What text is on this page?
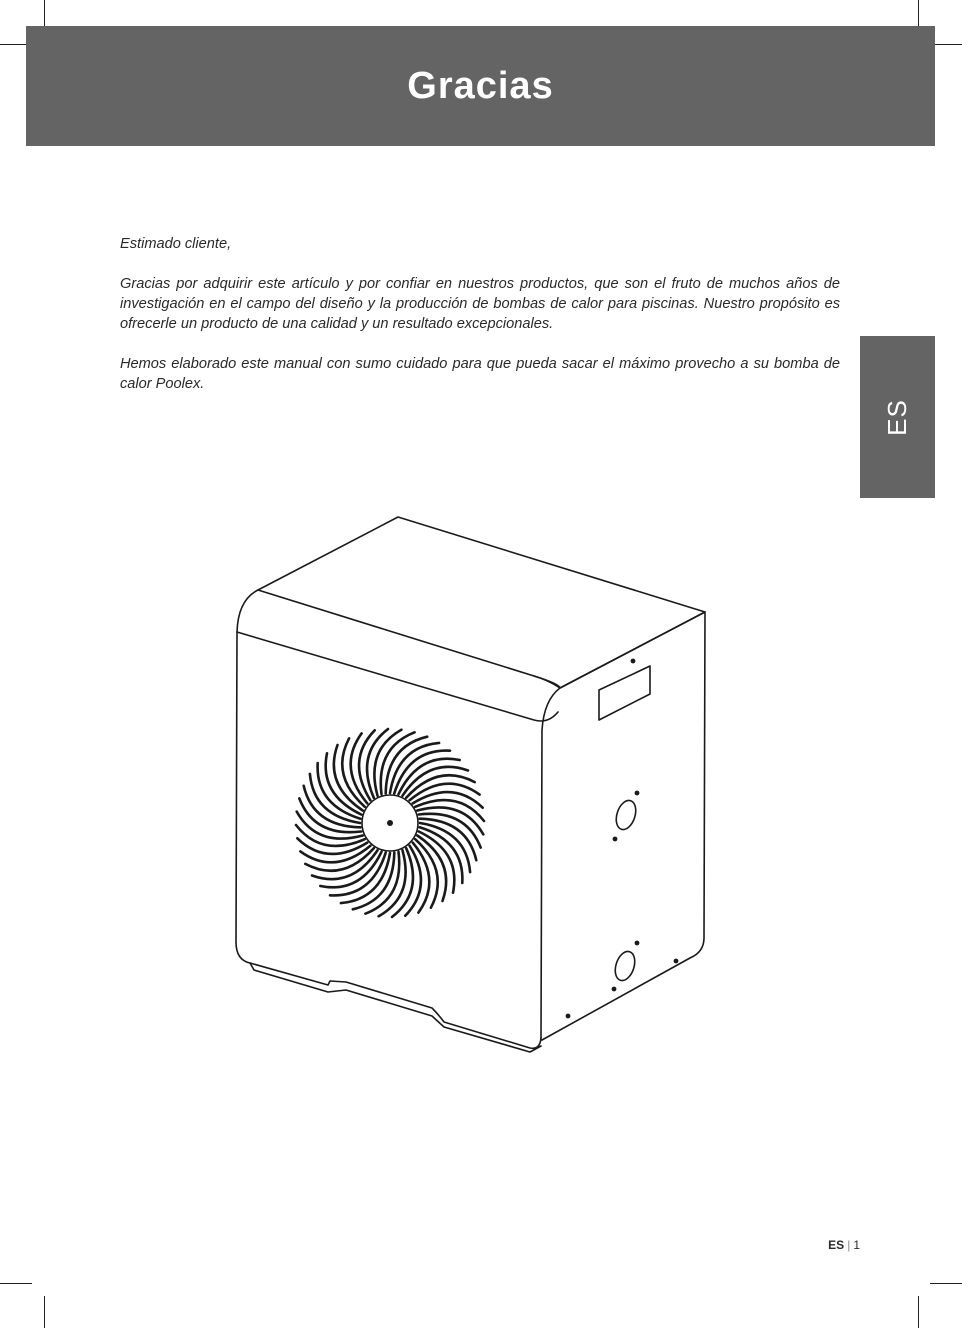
Gracias
ES

Estimado cliente,

Gracias por adquirir este artículo y por confiar en nuestros productos, que son el fruto de muchos años de investigación en el campo del diseño y la producción de bombas de calor para piscinas. Nuestro propósito es ofrecerle un producto de una calidad y un resultado excepcionales.

Hemos elaborado este manual con sumo cuidado para que pueda sacar el máximo provecho a su bomba de calor Poolex.

ES | 1
